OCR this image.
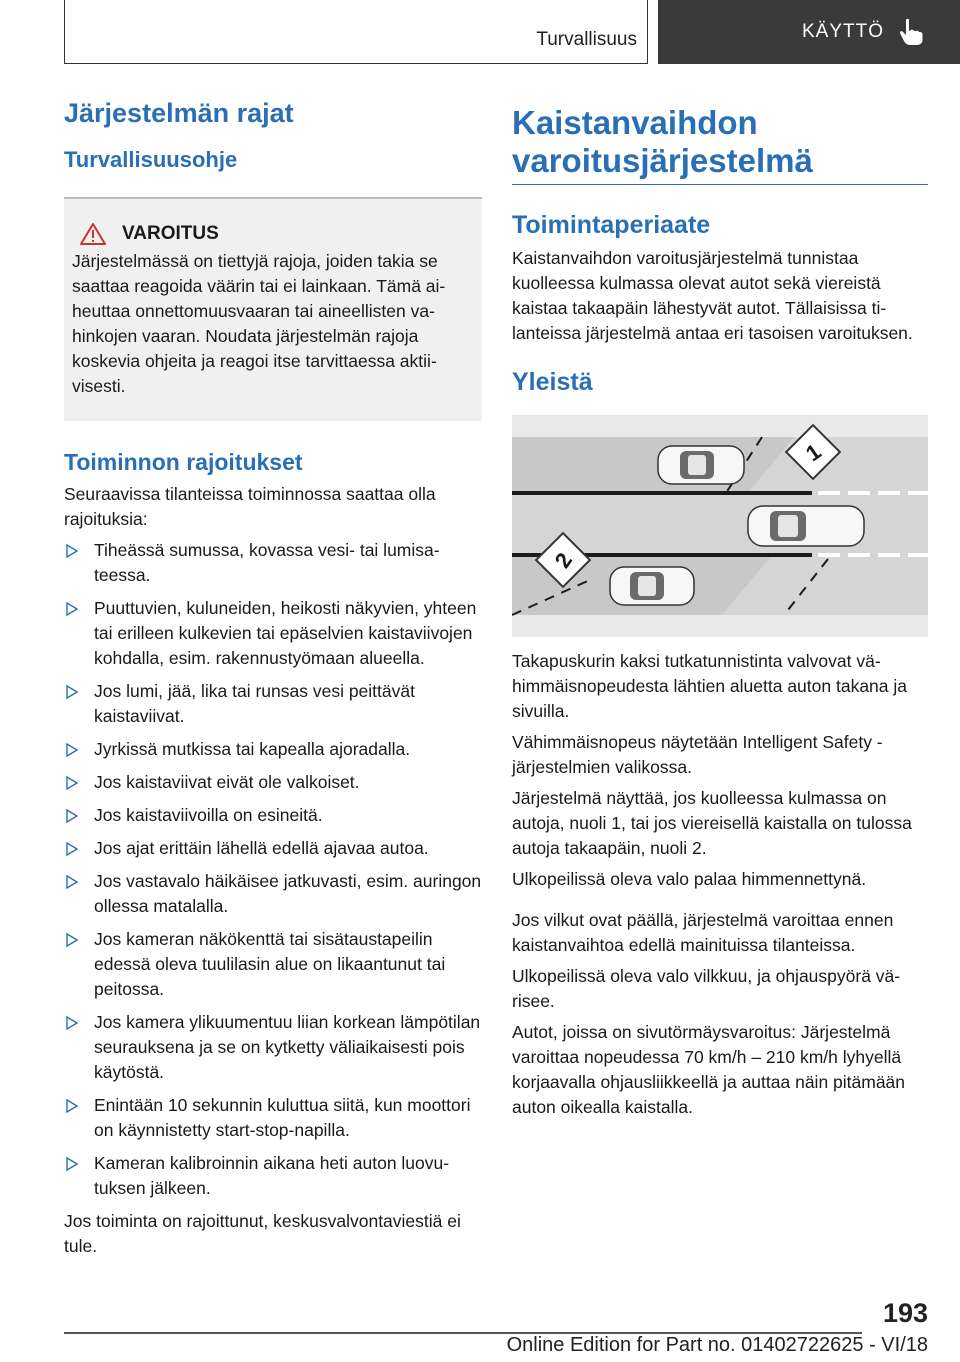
Turvallisuus	KÄYTTÖ
Järjestelmän rajat
Turvallisuusohje
VAROITUS
Järjestelmässä on tiettyjä rajoja, joiden takia se saattaa reagoida väärin tai ei lainkaan. Tämä aiheuttaa onnettomuusvaaran tai aineellisten vahinkojen vaaran. Noudata järjestelmän rajoja koskevia ohjeita ja reagoi itse tarvittaessa aktiivisesti.
Toiminnon rajoitukset

Seuraavissa tilanteissa toiminnossa saattaa olla rajoituksia:

Tiheässä sumussa, kovassa vesi- tai lumisateessa.
Puuttuvien, kuluneiden, heikosti näkyvien, yhteen tai erilleen kulkevien tai epäselvien kaistaviivojen kohdalla, esim. rakennustyömaan alueella.
Jos lumi, jää, lika tai runsas vesi peittävät kaistaviivat.
Jyrkissä mutkissa tai kapealla ajoradalla.
Jos kaistaviivat eivät ole valkoiset.
Jos kaistaviivoilla on esineitä.
Jos ajat erittäin lähellä edellä ajavaa autoa.
Jos vastavalo häikäisee jatkuvasti, esim. auringon ollessa matalalla.
Jos kameran näkökenttä tai sisätaustapeilin edessä oleva tuulilasin alue on likaantunut tai peitossa.
Jos kamera ylikuumentuu liian korkean lämpötilan seurauksena ja se on kytketty väliaikaisesti pois käytöstä.
Enintään 10 sekunnin kuluttua siitä, kun moottori on käynnistetty start-stop-napilla.
Kameran kalibroinnin aikana heti auton luovutuksen jälkeen.

Jos toiminta on rajoittunut, keskusvalvontaviestiä ei tule.

Kaistanvaihdon varoitusjärjestelmä
Toimintaperiaate

Kaistanvaihdon varoitusjärjestelmä tunnistaa kuolleessa kulmassa olevat autot sekä viereistä kaistaa takaapäin lähestyvät autot. Tällaisissa tilanteissa järjestelmä antaa eri tasoisen varoituksen.

Yleistä
1
2

Takapuskurin kaksi tutkatunnistinta valvovat vähimmäisnopeudesta lähtien aluetta auton takana ja sivuilla.

Vähimmäisnopeus näytetään Intelligent Safety -järjestelmien valikossa.

Järjestelmä näyttää, jos kuolleessa kulmassa on autoja, nuoli 1, tai jos viereisellä kaistalla on tulossa autoja takaapäin, nuoli 2.

Ulkopeilissä oleva valo palaa himmennettynä.

Jos vilkut ovat päällä, järjestelmä varoittaa ennen kaistanvaihtoa edellä mainituissa tilanteissa.

Ulkopeilissä oleva valo vilkkuu, ja ohjauspyörä värisee.

Autot, joissa on sivutörmäysvaroitus: Järjestelmä varoittaa nopeudessa 70 km/h – 210 km/h lyhyellä korjaavalla ohjausliikkeellä ja auttaa näin pitämään auton oikealla kaistalla.

193
Online Edition for Part no. 01402722625 - VI/18
